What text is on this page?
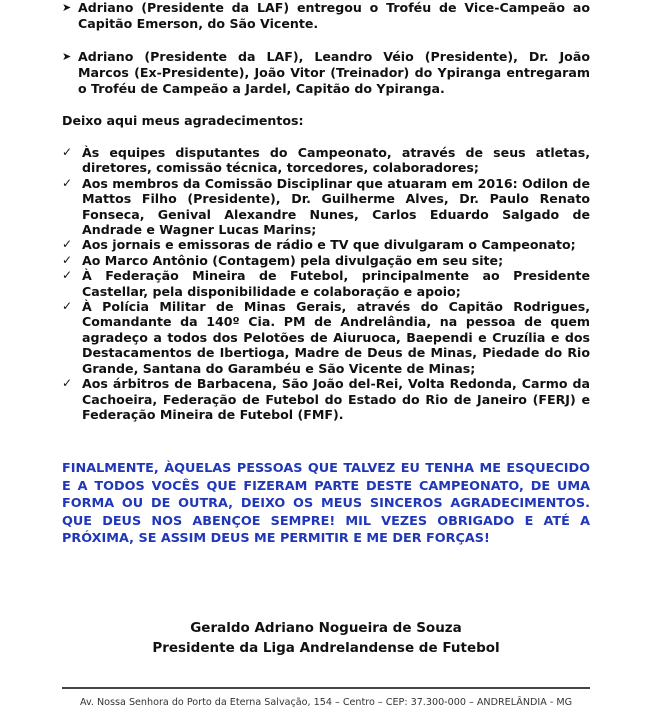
➤ Adriano (Presidente da LAF) entregou o Troféu de Vice-Campeão ao Capitão Emerson, do São Vicente.
➤ Adriano (Presidente da LAF), Leandro Véio (Presidente), Dr. João Marcos (Ex-Presidente), João Vitor (Treinador) do Ypiranga entregaram o Troféu de Campeão a Jardel, Capitão do Ypiranga.
Deixo aqui meus agradecimentos:
✓ Às equipes disputantes do Campeonato, através de seus atletas, diretores, comissão técnica, torcedores, colaboradores;
✓ Aos membros da Comissão Disciplinar que atuaram em 2016: Odilon de Mattos Filho (Presidente), Dr. Guilherme Alves, Dr. Paulo Renato Fonseca, Genival Alexandre Nunes, Carlos Eduardo Salgado de Andrade e Wagner Lucas Marins;
✓ Aos jornais e emissoras de rádio e TV que divulgaram o Campeonato;
✓ Ao Marco Antônio (Contagem) pela divulgação em seu site;
✓ À Federação Mineira de Futebol, principalmente ao Presidente Castellar, pela disponibilidade e colaboração e apoio;
✓ À Polícia Militar de Minas Gerais, através do Capitão Rodrigues, Comandante da 140º Cia. PM de Andrelândia, na pessoa de quem agradeço a todos dos Pelotões de Aiuruoca, Baependi e Cruzília e dos Destacamentos de Ibertioga, Madre de Deus de Minas, Piedade do Rio Grande, Santana do Garambéu e São Vicente de Minas;
✓ Aos árbitros de Barbacena, São João del-Rei, Volta Redonda, Carmo da Cachoeira, Federação de Futebol do Estado do Rio de Janeiro (FERJ) e Federação Mineira de Futebol (FMF).
FINALMENTE, ÀQUELAS PESSOAS QUE TALVEZ EU TENHA ME ESQUECIDO E A TODOS VOCÊS QUE FIZERAM PARTE DESTE CAMPEONATO, DE UMA FORMA OU DE OUTRA, DEIXO OS MEUS SINCEROS AGRADECIMENTOS. QUE DEUS NOS ABENÇOE SEMPRE! MIL VEZES OBRIGADO E ATÉ A PRÓXIMA, SE ASSIM DEUS ME PERMITIR E ME DER FORÇAS!
Geraldo Adriano Nogueira de Souza
Presidente da Liga Andrelandense de Futebol
Av. Nossa Senhora do Porto da Eterna Salvação, 154 – Centro – CEP: 37.300-000 – ANDRELÂNDIA - MG
